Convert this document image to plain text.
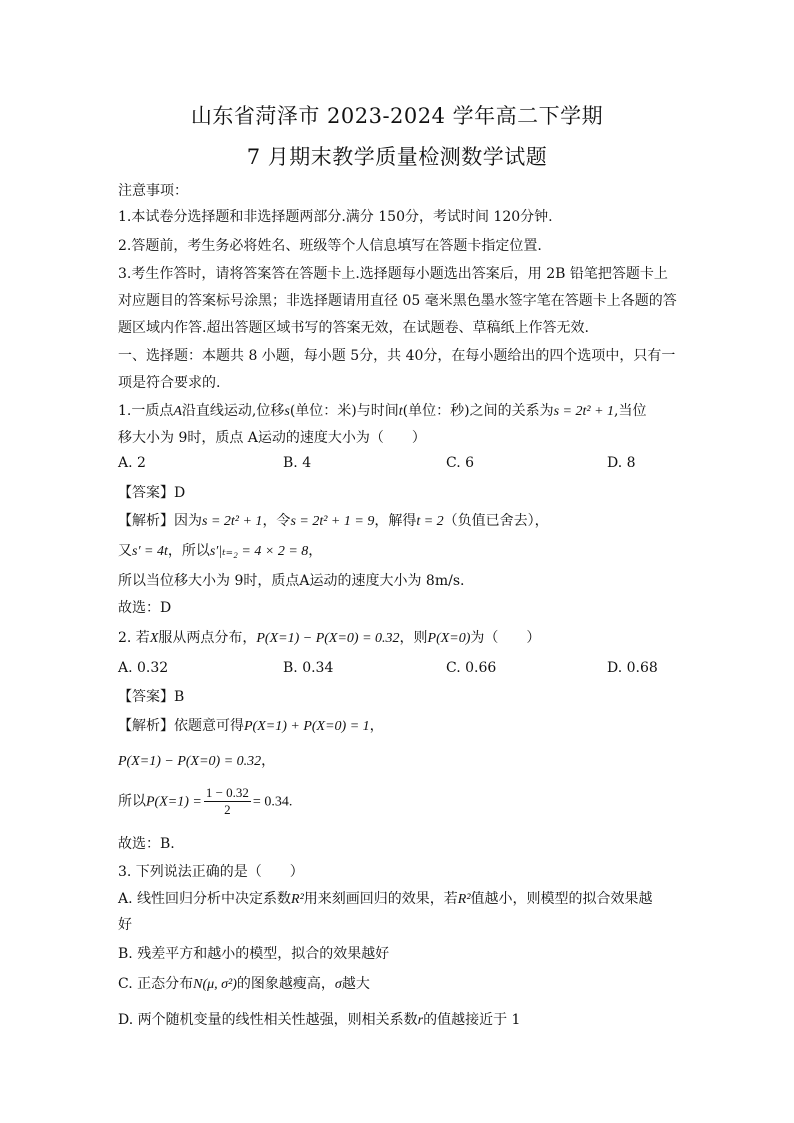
山东省菏泽市 2023-2024 学年高二下学期
7 月期末教学质量检测数学试题
注意事项：
1.本试卷分选择题和非选择题两部分.满分 150分，考试时间 120分钟.
2.答题前，考生务必将姓名、班级等个人信息填写在答题卡指定位置.
3.考生作答时，请将答案答在答题卡上.选择题每小题选出答案后，用 2B 铅笔把答题卡上
对应题目的答案标号涂黑；非选择题请用直径 05 毫米黑色墨水签字笔在答题卡上各题的答
题区域内作答.超出答题区域书写的答案无效，在试题卷、草稿纸上作答无效.
一、选择题：本题共 8 小题，每小题 5分，共 40分，在每小题给出的四个选项中，只有一
项是符合要求的.
1.一质点A沿直线运动,位移s(单位：米)与时间t(单位：秒)之间的关系为s = 2t² + 1,当位
移大小为 9时，质点 A运动的速度大小为（　　）
A. 2	B. 4	C. 6	D. 8
【答案】D
【解析】因为s = 2t² + 1，令s = 2t² + 1 = 9，解得t = 2（负值已舍去），
又s′ = 4t，所以s′|ₜ₌₂ = 4 × 2 = 8，
所以当位移大小为 9时，质点A运动的速度大小为 8m/s.
故选：D
2. 若X服从两点分布，P(X=1) − P(X=0) = 0.32，则P(X=0)为（　　）
A. 0.32	B. 0.34	C. 0.66	D. 0.68
【答案】B
【解析】依题意可得P(X=1) + P(X=0) = 1，
P(X=1) − P(X=0) = 0.32，
所以$P(X=1) = \frac{1 - 0.32}{2} = 0.34$.
故选：B.
3. 下列说法正确的是（　　）
A. 线性回归分析中决定系数R²用来刻画回归的效果，若R²值越小，则模型的拟合效果越
好
B. 残差平方和越小的模型，拟合的效果越好
C. 正态分布N(μ, σ²)的图象越瘦高，σ越大
D. 两个随机变量的线性相关性越强，则相关系数r的值越接近于 1
